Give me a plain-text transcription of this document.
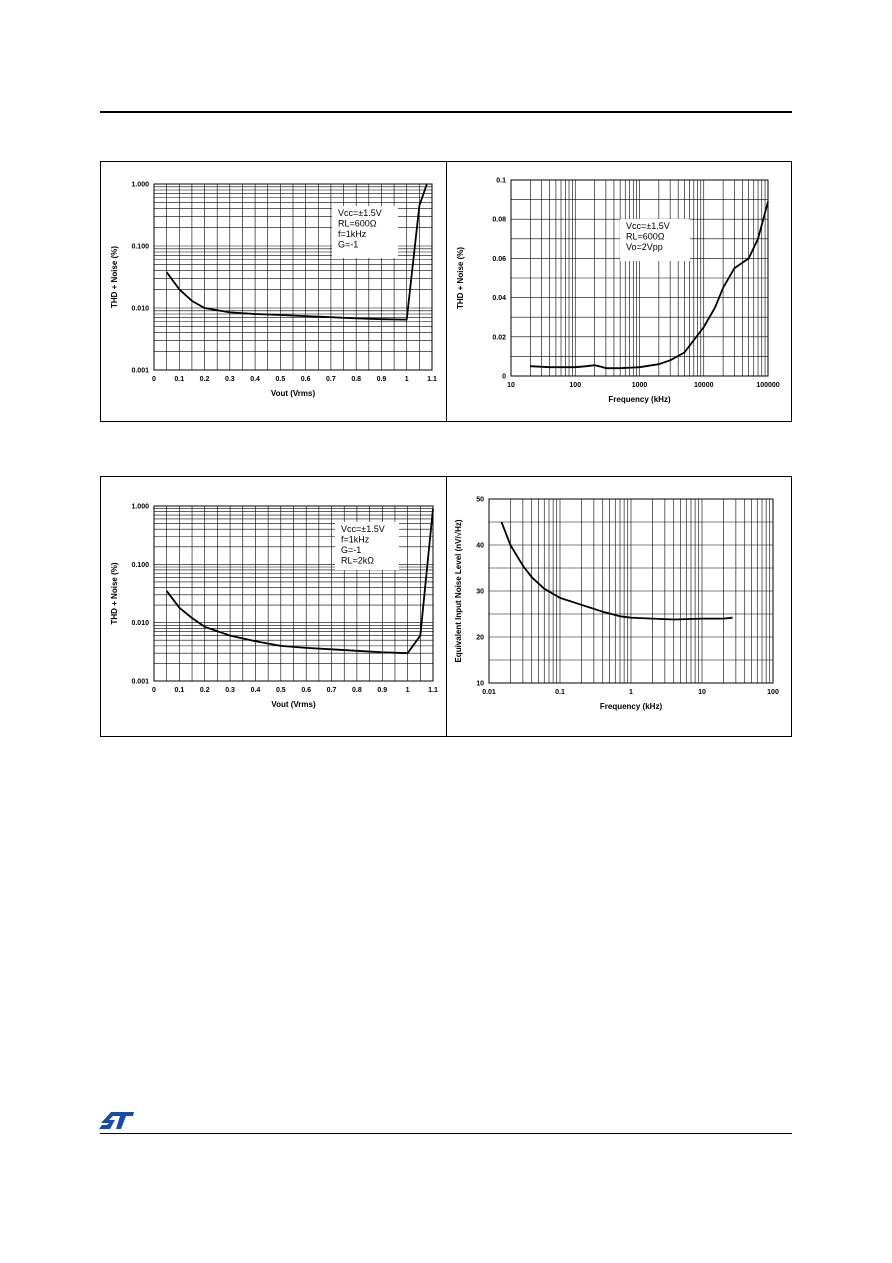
0	0.1 0.2 0.3 0.4 0.5 0.6 0.7 0.8 0.9	1	1.1
0.001
0.010
0.100
1.000
Vout (Vrms)
THD + Noise (%)
Vcc=±1.5V
RL=600Ω
f=1kHz
G=-1
10	100	1000	10000	100000
0
0.02
0.04
0.06
0.08
0.1
Frequency (kHz)
THD + Noise (%)
Vcc=±1.5V
RL=600Ω
Vo=2Vpp
0	0.1 0.2 0.3 0.4 0.5 0.6 0.7 0.8 0.9	1	1.1
0.001
0.010
0.100
1.000
Vout (Vrms)
THD + Noise (%)
Vcc=±1.5V
f=1kHz
G=-1
RL=2kΩ
0.01	0.1	1	10	100
10
20
30
40
50
Frequency (kHz)
Equivalent Input Noise Level (nV/√Hz)
